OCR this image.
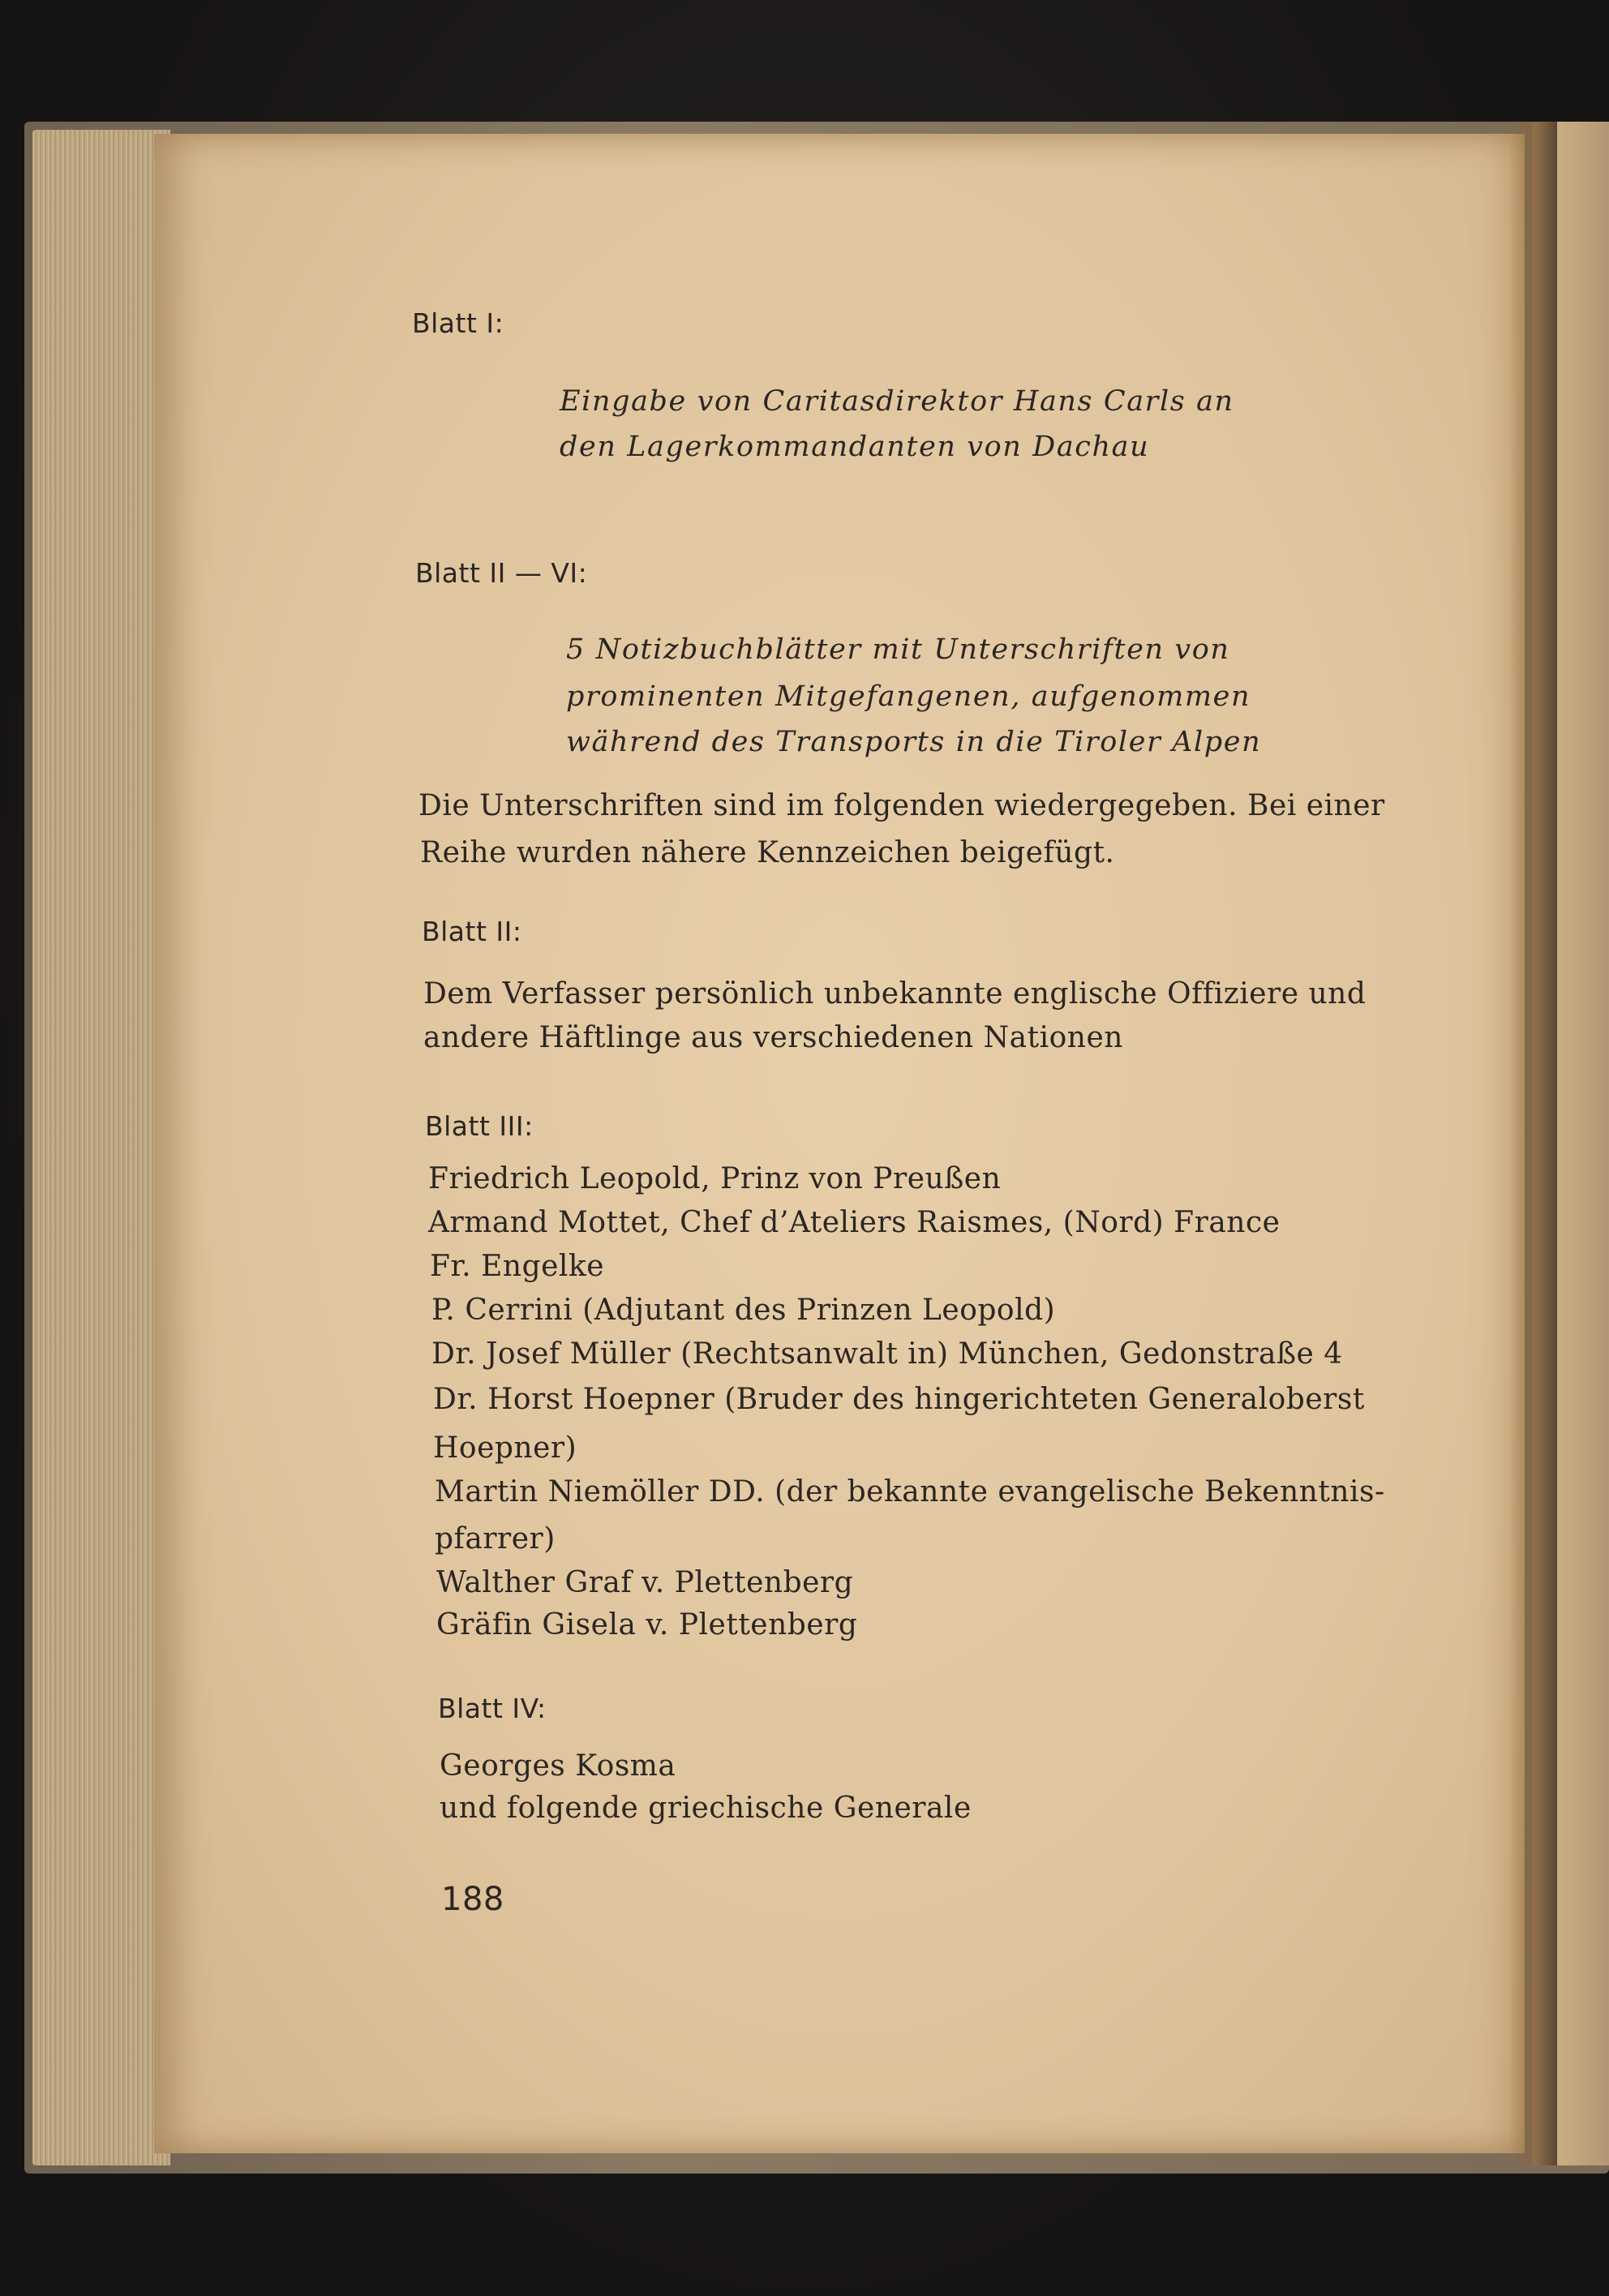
Blatt I:
Eingabe von Caritasdirektor Hans Carls an
den Lagerkommandanten von Dachau
Blatt II — VI:
5 Notizbuchblätter mit Unterschriften von
prominenten Mitgefangenen, aufgenommen
während des Transports in die Tiroler Alpen
Die Unterschriften sind im folgenden wiedergegeben. Bei einer
Reihe wurden nähere Kennzeichen beigefügt.
Blatt II:
Dem Verfasser persönlich unbekannte englische Offiziere und
andere Häftlinge aus verschiedenen Nationen
Blatt III:
Friedrich Leopold, Prinz von Preußen
Armand Mottet, Chef d’Ateliers Raismes, (Nord) France
Fr. Engelke
P. Cerrini (Adjutant des Prinzen Leopold)
Dr. Josef Müller (Rechtsanwalt in) München, Gedonstraße 4
Dr. Horst Hoepner (Bruder des hingerichteten Generaloberst
Hoepner)
Martin Niemöller DD. (der bekannte evangelische Bekenntnis-
pfarrer)
Walther Graf v. Plettenberg
Gräfin Gisela v. Plettenberg
Blatt IV:
Georges Kosma
und folgende griechische Generale
188
